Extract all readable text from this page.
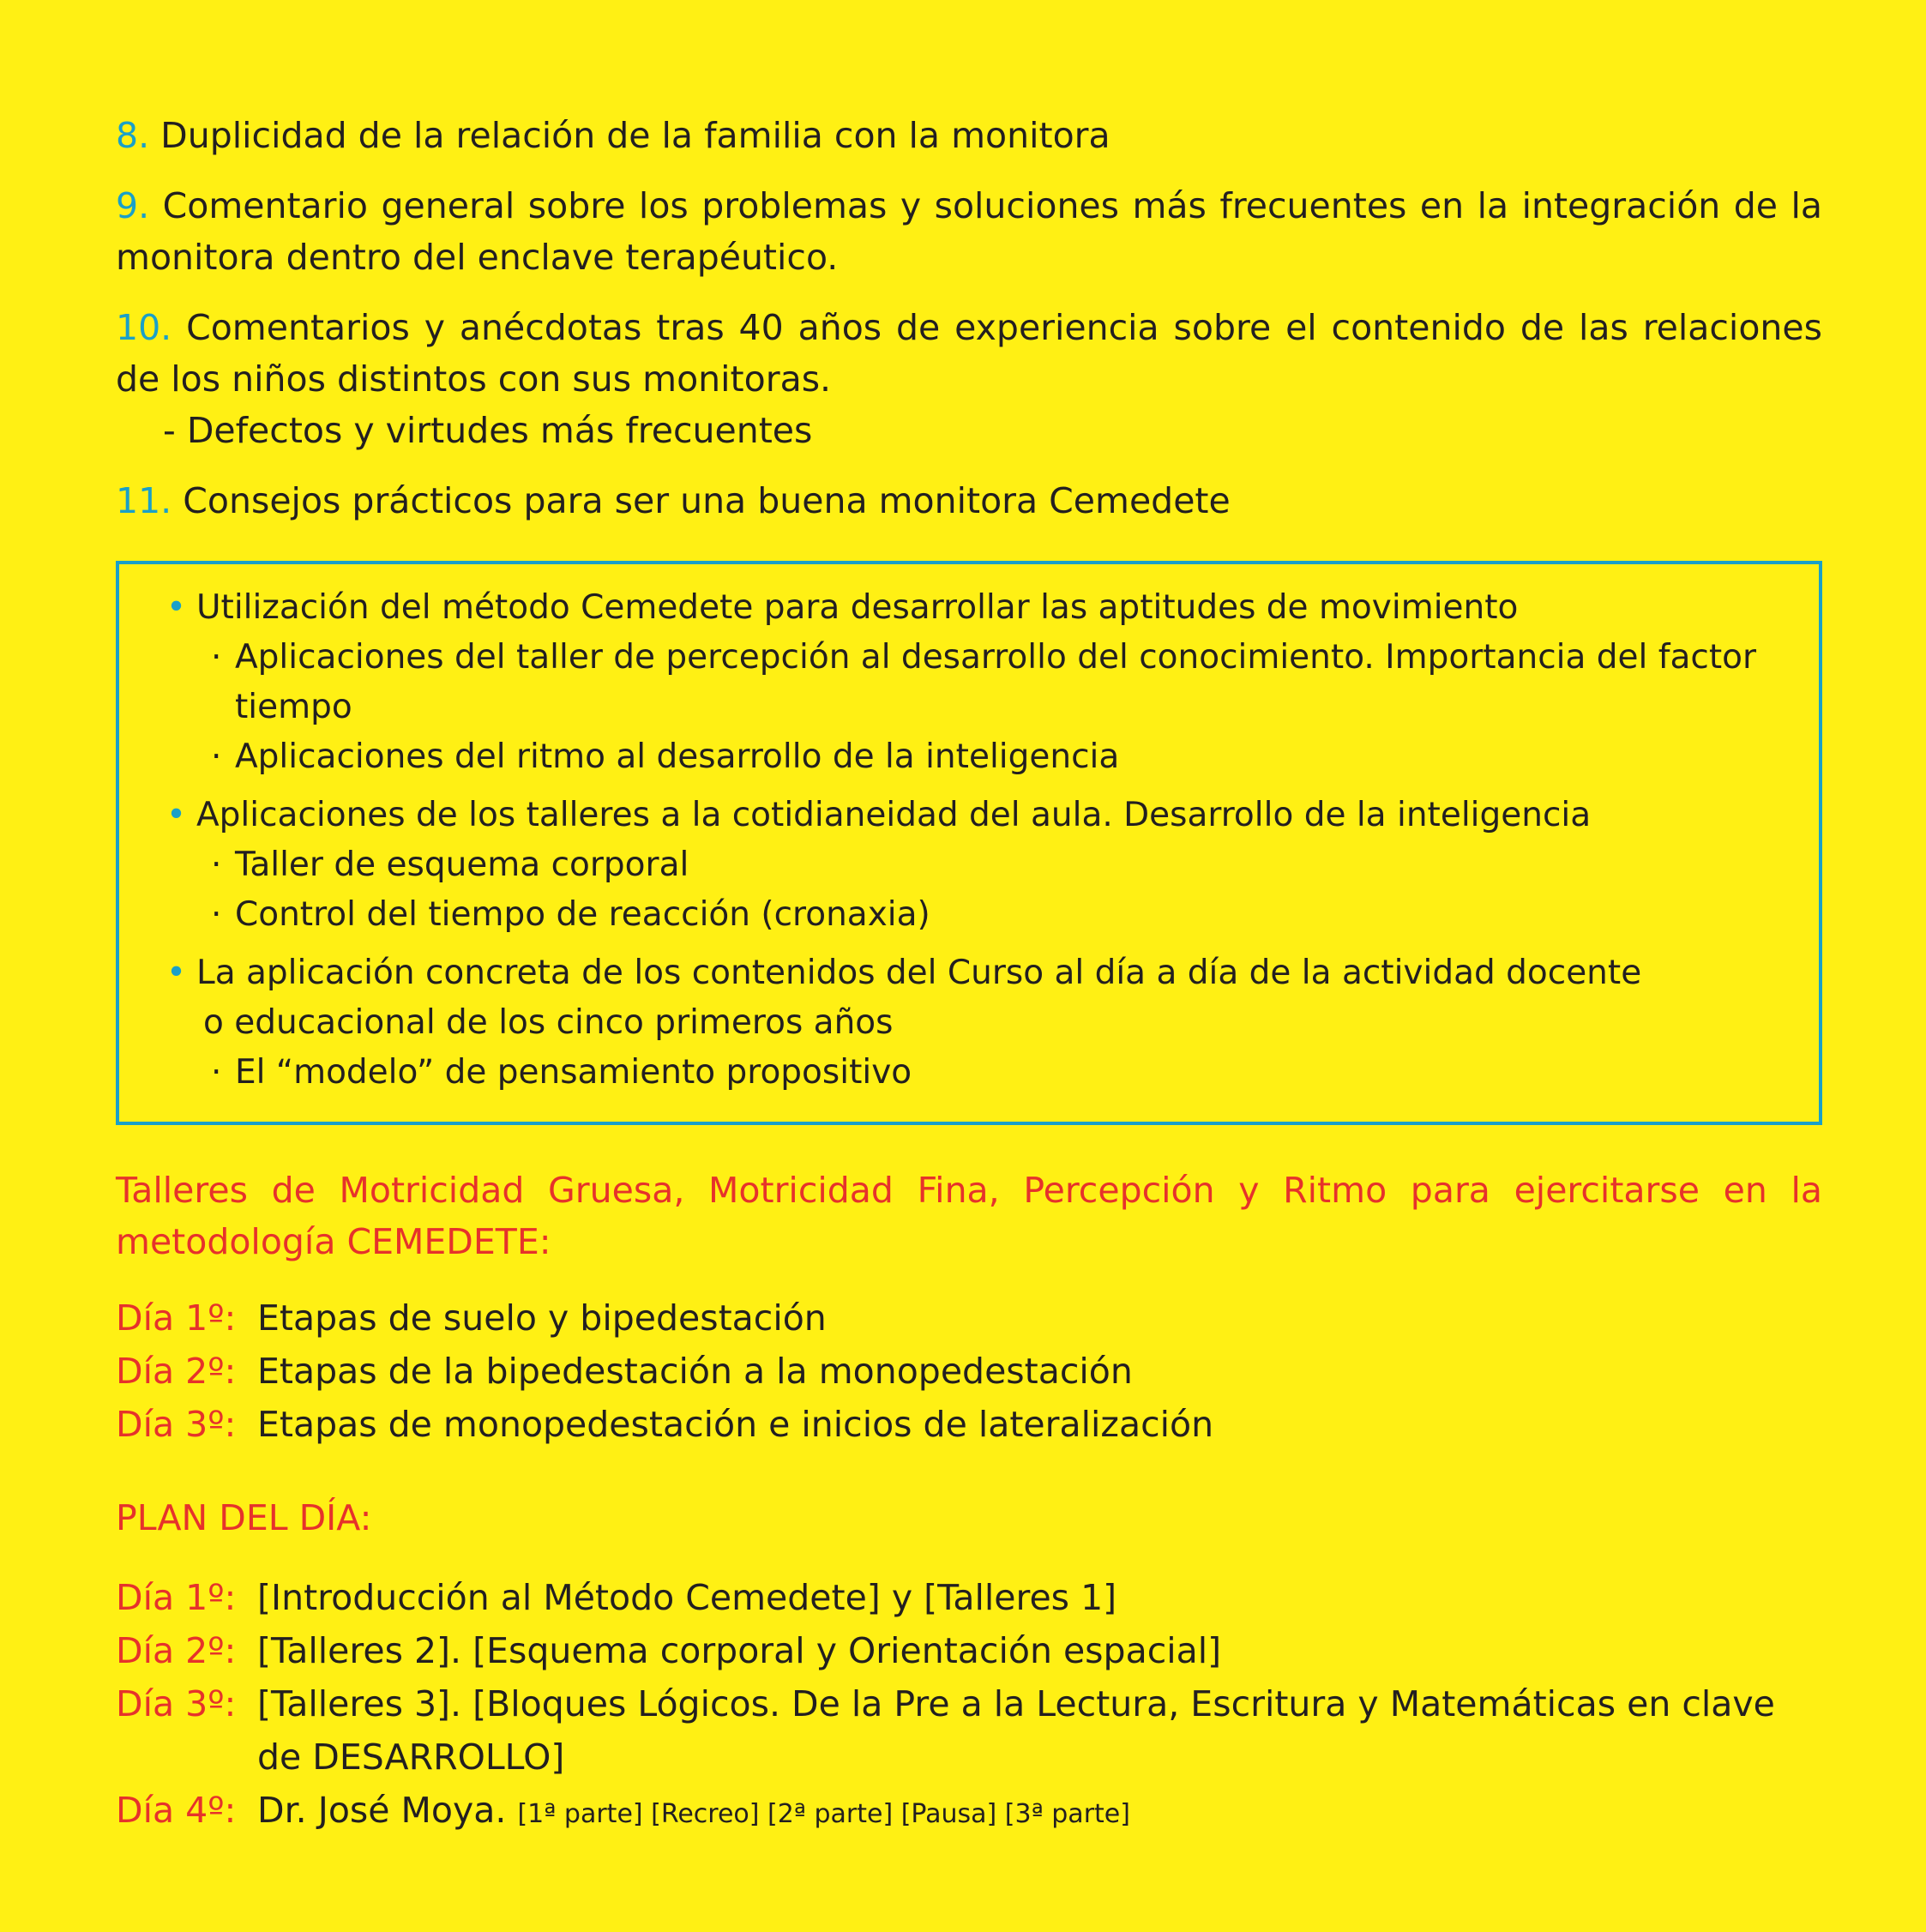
8. Duplicidad de la relación de la familia con la monitora

9. Comentario general sobre los problemas y soluciones más frecuentes en la integración de la monitora dentro del enclave terapéutico.

10. Comentarios y anécdotas tras 40 años de experiencia sobre el contenido de las relaciones de los niños distintos con sus monitoras.

- Defectos y virtudes más frecuentes

11. Consejos prácticos para ser una buena monitora Cemedete

• Utilización del método Cemedete para desarrollar las aptitudes de movimiento
· Aplicaciones del taller de percepción al desarrollo del conocimiento. Importancia del factor tiempo
· Aplicaciones del ritmo al desarrollo de la inteligencia
• Aplicaciones de los talleres a la cotidianeidad del aula. Desarrollo de la inteligencia
· Taller de esquema corporal
· Control del tiempo de reacción (cronaxia)
• La aplicación concreta de los contenidos del Curso al día a día de la actividad docente
o educacional de los cinco primeros años
· El “modelo” de pensamiento propositivo

Talleres de Motricidad Gruesa, Motricidad Fina, Percepción y Ritmo para ejercitarse en la metodología CEMEDETE:

Día 1º: Etapas de suelo y bipedestación
Día 2º: Etapas de la bipedestación a la monopedestación
Día 3º: Etapas de monopedestación e inicios de lateralización

PLAN DEL DÍA:

Día 1º: [Introducción al Método Cemedete] y [Talleres 1]
Día 2º: [Talleres 2]. [Esquema corporal y Orientación espacial]
Día 3º: [Talleres 3]. [Bloques Lógicos. De la Pre a la Lectura, Escritura y Matemáticas en clave de DESARROLLO]
Día 4º: Dr. José Moya. [1ª parte] [Recreo] [2ª parte] [Pausa] [3ª parte]
